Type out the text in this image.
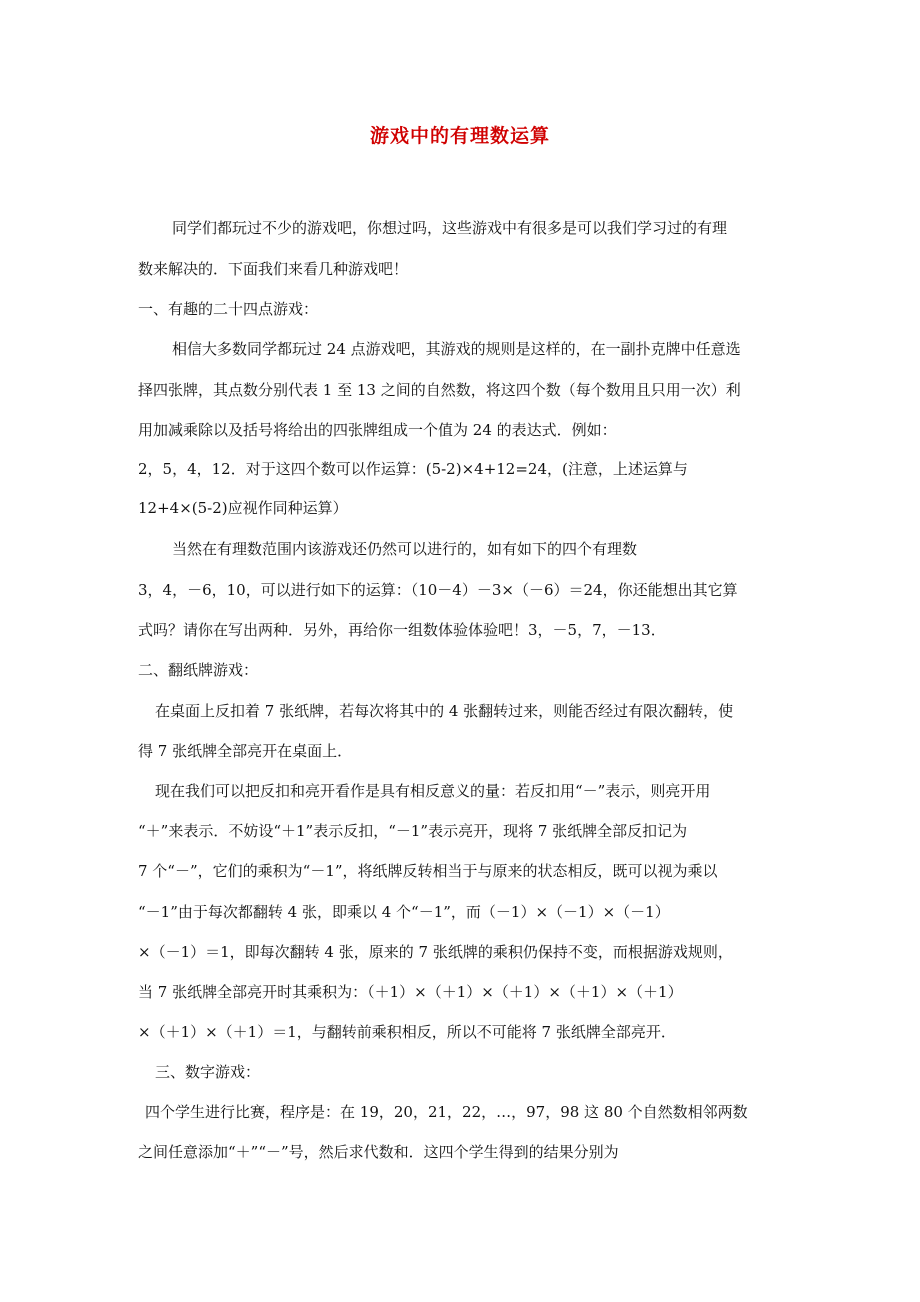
游戏中的有理数运算
同学们都玩过不少的游戏吧，你想过吗，这些游戏中有很多是可以我们学习过的有理
数来解决的．下面我们来看几种游戏吧！
一、有趣的二十四点游戏：
相信大多数同学都玩过 24 点游戏吧，其游戏的规则是这样的，在一副扑克牌中任意选
择四张牌，其点数分别代表 1 至 13 之间的自然数，将这四个数（每个数用且只用一次）利
用加减乘除以及括号将给出的四张牌组成一个值为 24 的表达式．例如：
2，5，4，12．对于这四个数可以作运算：(5-2)×4+12=24，(注意，上述运算与
12+4×(5-2)应视作同种运算）
当然在有理数范围内该游戏还仍然可以进行的，如有如下的四个有理数
3，4，－6，10，可以进行如下的运算：（10－4）－3×（－6）＝24，你还能想出其它算
式吗？请你在写出两种．另外，再给你一组数体验体验吧！3，－5，7，－13．
二、翻纸牌游戏：
在桌面上反扣着 7 张纸牌，若每次将其中的 4 张翻转过来，则能否经过有限次翻转，使
得 7 张纸牌全部亮开在桌面上．
现在我们可以把反扣和亮开看作是具有相反意义的量：若反扣用“－”表示，则亮开用
“＋”来表示．不妨设“＋1”表示反扣，“－1”表示亮开，现将 7 张纸牌全部反扣记为
7 个“－”，它们的乘积为“－1”，将纸牌反转相当于与原来的状态相反，既可以视为乘以
“－1”由于每次都翻转 4 张，即乘以 4 个“－1”，而（－1）×（－1）×（－1）
×（－1）＝1，即每次翻转 4 张，原来的 7 张纸牌的乘积仍保持不变，而根据游戏规则，
当 7 张纸牌全部亮开时其乘积为：（＋1）×（＋1）×（＋1）×（＋1）×（＋1）
×（＋1）×（＋1）＝1，与翻转前乘积相反，所以不可能将 7 张纸牌全部亮开．
三、数字游戏：
四个学生进行比赛，程序是：在 19，20，21，22，…，97，98 这 80 个自然数相邻两数
之间任意添加“＋”“－”号，然后求代数和．这四个学生得到的结果分别为
